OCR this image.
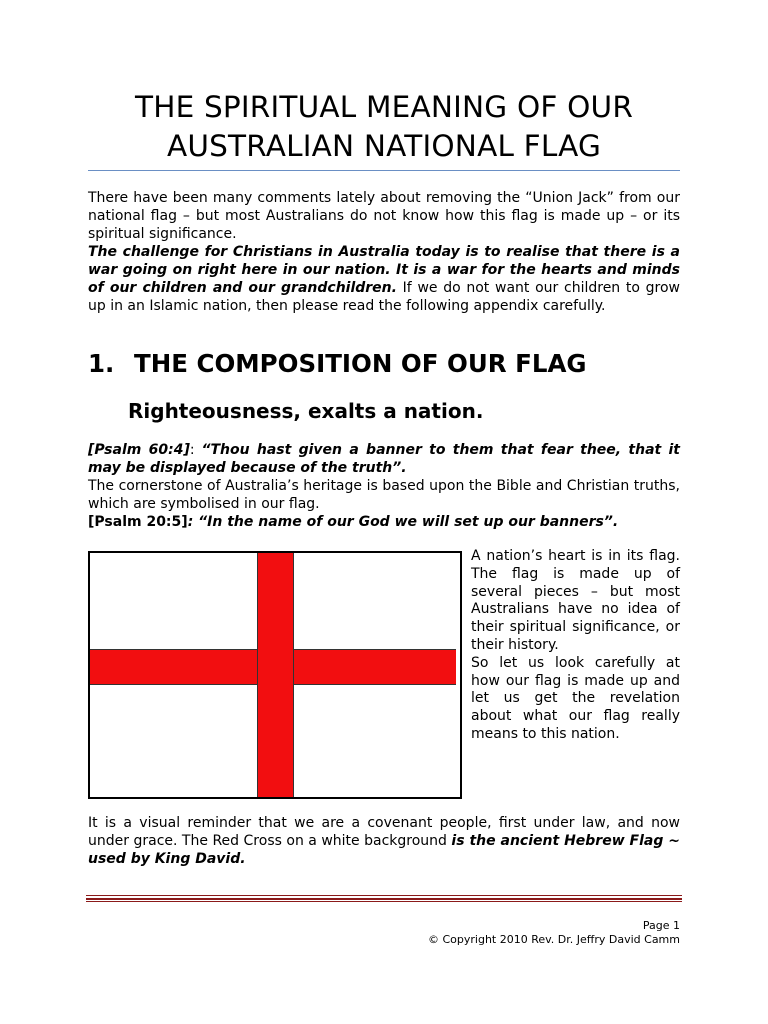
THE SPIRITUAL MEANING OF OUR
AUSTRALIAN NATIONAL FLAG

There have been many comments lately about removing the “Union Jack” from our national flag – but most Australians do not know how this flag is made up – or its spiritual significance.
The challenge for Christians in Australia today is to realise that there is a war going on right here in our nation. It is a war for the hearts and minds of our children and our grandchildren. If we do not want our children to grow up in an Islamic nation, then please read the following appendix carefully.

1. THE COMPOSITION OF OUR FLAG
Righteousness, exalts a nation.

[Psalm 60:4]: “Thou hast given a banner to them that fear thee, that it may be displayed because of the truth”.
The cornerstone of Australia’s heritage is based upon the Bible and Christian truths, which are symbolised in our flag.
[Psalm 20:5]: “In the name of our God we will set up our banners”.

A nation’s heart is in its flag. The flag is made up of several pieces – but most Australians have no idea of their spiritual significance, or their history.
So let us look carefully at how our flag is made up and let us get the revelation about what our flag really means to this nation.

It is a visual reminder that we are a covenant people, first under law, and now under grace. The Red Cross on a white background is the ancient Hebrew Flag ~ used by King David.

Page 1

© Copyright 2010 Rev. Dr. Jeffry David Camm
